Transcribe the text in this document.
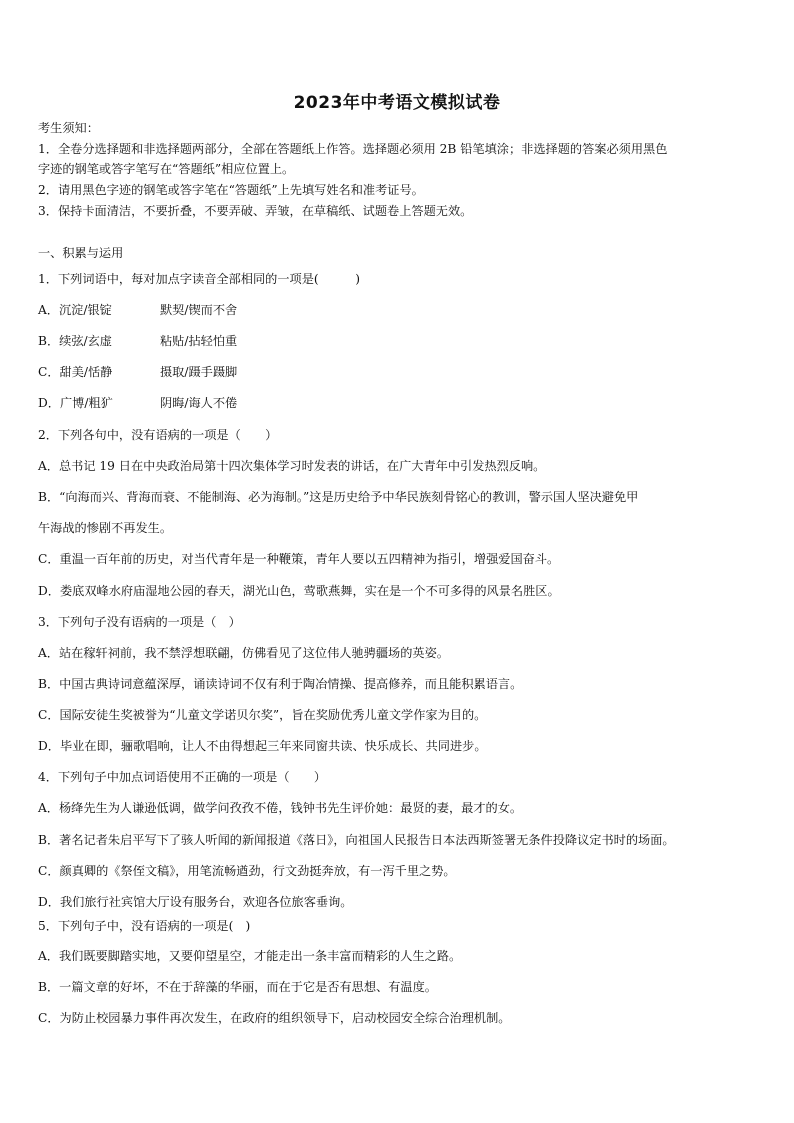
2023年中考语文模拟试卷
考生须知：
1．全卷分选择题和非选择题两部分，全部在答题纸上作答。选择题必须用 2B 铅笔填涂；非选择题的答案必须用黑色
字迹的钢笔或答字笔写在“答题纸”相应位置上。
2．请用黑色字迹的钢笔或答字笔在“答题纸”上先填写姓名和准考证号。
3．保持卡面清洁，不要折叠，不要弄破、弄皱，在草稿纸、试题卷上答题无效。
一、积累与运用
1．下列词语中，每对加点字读音全部相同的一项是(　　　)
A．沉淀/银锭	默契/锲而不舍
B．续弦/玄虚	粘贴/拈轻怕重
C．甜美/恬静	摄取/蹑手蹑脚
D．广博/粗犷	阴晦/诲人不倦
2．下列各句中，没有语病的一项是（　　）
A．总书记 19 日在中央政治局第十四次集体学习时发表的讲话，在广大青年中引发热烈反响。
B．“向海而兴、背海而衰、不能制海、必为海制。”这是历史给予中华民族刻骨铭心的教训，警示国人坚决避免甲
午海战的惨剧不再发生。
C．重温一百年前的历史，对当代青年是一种鞭策，青年人要以五四精神为指引，增强爱国奋斗。
D．娄底双峰水府庙湿地公园的春天，湖光山色，莺歌燕舞，实在是一个不可多得的风景名胜区。
3．下列句子没有语病的一项是（　）
A．站在稼轩祠前，我不禁浮想联翩，仿佛看见了这位伟人驰骋疆场的英姿。
B．中国古典诗词意蕴深厚，诵读诗词不仅有利于陶冶情操、提高修养，而且能积累语言。
C．国际安徒生奖被誉为“儿童文学诺贝尔奖”，旨在奖励优秀儿童文学作家为目的。
D．毕业在即，骊歌唱响，让人不由得想起三年来同窗共读、快乐成长、共同进步。
4．下列句子中加点词语使用不正确的一项是（　　）
A．杨绛先生为人谦逊低调，做学问孜孜不倦，钱钟书先生评价她：最贤的妻，最才的女。
B．著名记者朱启平写下了骇人听闻的新闻报道《落日》，向祖国人民报告日本法西斯签署无条件投降议定书时的场面。
C．颜真卿的《祭侄文稿》，用笔流畅遒劲，行文劲挺奔放，有一泻千里之势。
D．我们旅行社宾馆大厅设有服务台，欢迎各位旅客垂询。
5．下列句子中，没有语病的一项是(　)
A．我们既要脚踏实地，又要仰望星空，才能走出一条丰富而精彩的人生之路。
B．一篇文章的好坏，不在于辞藻的华丽，而在于它是否有思想、有温度。
C．为防止校园暴力事件再次发生，在政府的组织领导下，启动校园安全综合治理机制。
